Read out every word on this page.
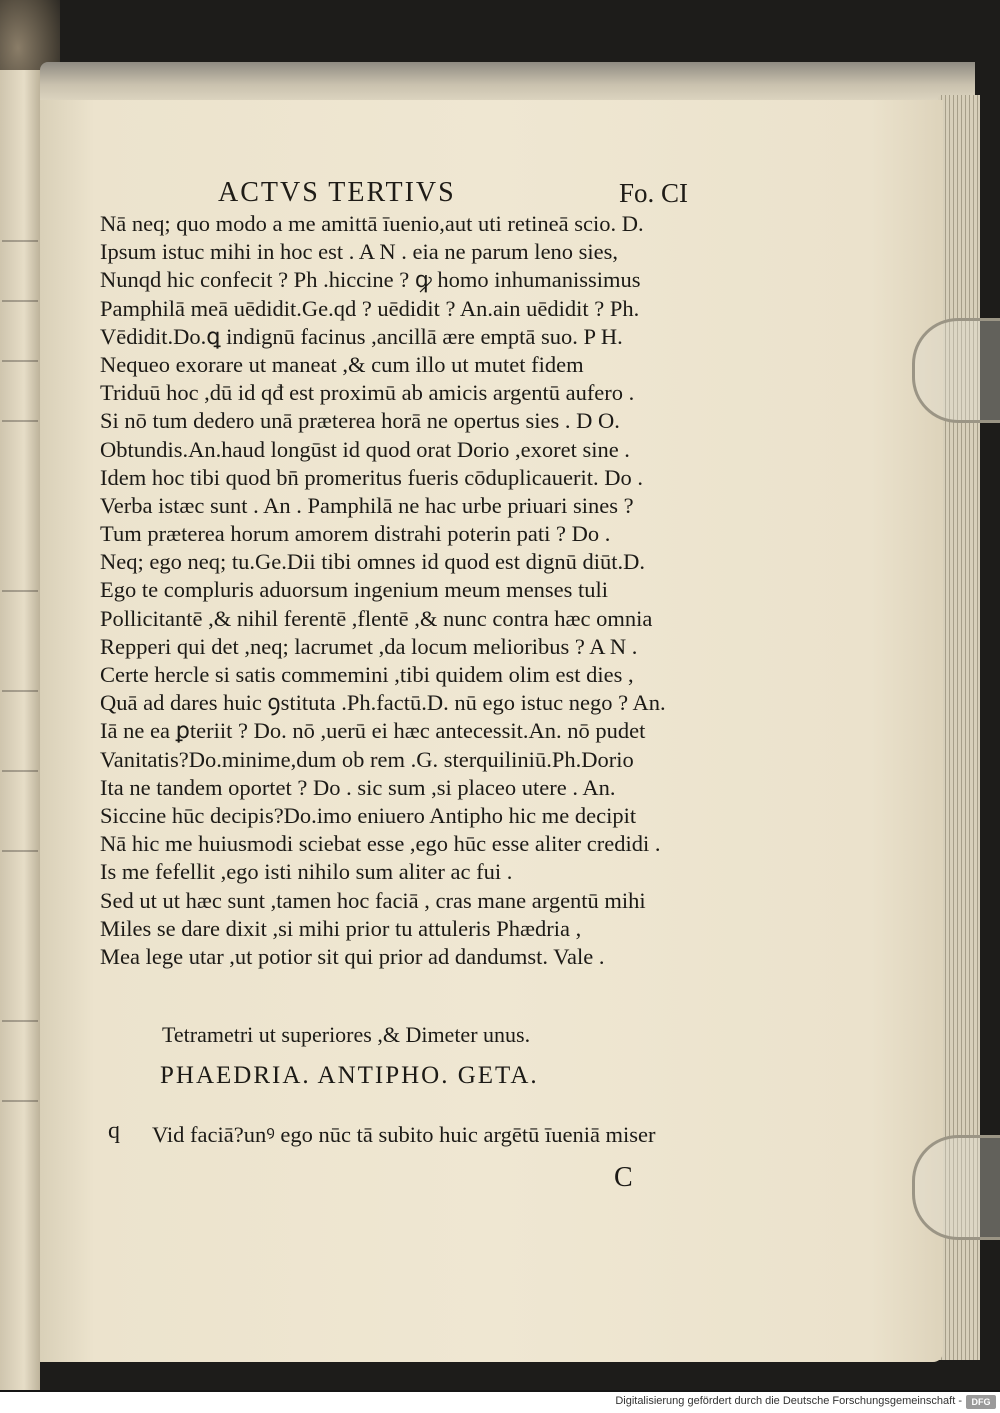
ACTVS TERTIVS	Fo. CI
Nā neq; quo modo a me amittā īuenio,aut uti retineā scio. D.
Ipsum istuc mihi in hoc est . A N . eia ne parum leno sies,
Nunqd hic confecit ? Ph .hiccine ? ꝙ homo inhumanissimus
Pamphilā meā uēdidit.Ge.qd ? uēdidit ? An.ain uēdidit ? Ph.
Vēdidit.Do.ꝗ indignū facinus ,ancillā ære emptā suo. P H.
Nequeo exorare ut maneat ,& cum illo ut mutet fidem
Triduū hoc ,dū id qđ est proximū ab amicis argentū aufero .
Si nō tum dedero unā præterea horā ne opertus sies . D O.
Obtundis.An.haud longūst id quod orat Dorio ,exoret sine .
Idem hoc tibi quod bn̄ promeritus fueris cōduplicauerit. Do .
Verba istæc sunt . An . Pamphilā ne hac urbe priuari sines ?
Tum præterea horum amorem distrahi poterin pati ? Do .
Neq; ego neq; tu.Ge.Dii tibi omnes id quod est dignū diūt.D.
Ego te compluris aduorsum ingenium meum menses tuli
Pollicitantē ,& nihil ferentē ,flentē ,& nunc contra hæc omnia
Repperi qui det ,neq; lacrumet ,da locum melioribus ? A N .
Certe hercle si satis commemini ,tibi quidem olim est dies ,
Quā ad dares huic ꝯstituta .Ph.factū.D. nū ego istuc nego ? An.
Iā ne ea ꝑteriit ? Do. nō ,uerū ei hæc antecessit.An. nō pudet
Vanitatis?Do.minime,dum ob rem .G. sterquiliniū.Ph.Dorio
Ita ne tandem oportet ? Do . sic sum ,si placeo utere . An.
Siccine hūc decipis?Do.imo eniuero Antipho hic me decipit
Nā hic me huiusmodi sciebat esse ,ego hūc esse aliter credidi .
Is me fefellit ,ego isti nihilo sum aliter ac fui .
Sed ut ut hæc sunt ,tamen hoc faciā , cras mane argentū mihi
Miles se dare dixit ,si mihi prior tu attuleris Phædria ,
Mea lege utar ,ut potior sit qui prior ad dandumst. Vale .
Tetrametri ut superiores ,& Dimeter unus.
PHAEDRIA. ANTIPHO. GETA.
q Vid faciā?unꝰ ego nūc tā subito huic argētū īueniā miser
C
Digitalisierung gefördert durch die Deutsche Forschungsgemeinschaft -	DFG
